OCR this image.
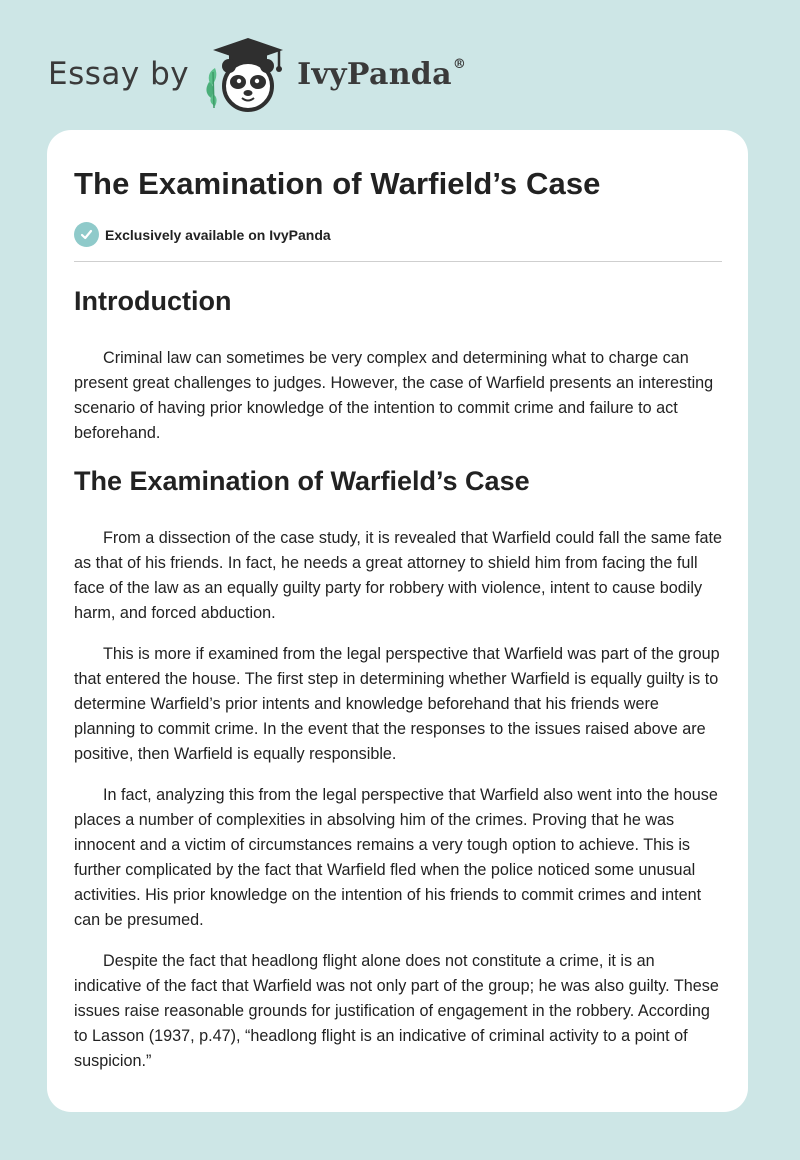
Essay by	IvyPanda®
The Examination of Warfield’s Case
Exclusively available on IvyPanda
Introduction

Criminal law can sometimes be very complex and determining what to charge can present great challenges to judges. However, the case of Warfield presents an interesting scenario of having prior knowledge of the intention to commit crime and failure to act beforehand.

The Examination of Warfield’s Case

From a dissection of the case study, it is revealed that Warfield could fall the same fate as that of his friends. In fact, he needs a great attorney to shield him from facing the full face of the law as an equally guilty party for robbery with violence, intent to cause bodily harm, and forced abduction.

This is more if examined from the legal perspective that Warfield was part of the group that entered the house. The first step in determining whether Warfield is equally guilty is to determine Warfield’s prior intents and knowledge beforehand that his friends were planning to commit crime. In the event that the responses to the issues raised above are positive, then Warfield is equally responsible.

In fact, analyzing this from the legal perspective that Warfield also went into the house places a number of complexities in absolving him of the crimes. Proving that he was innocent and a victim of circumstances remains a very tough option to achieve. This is further complicated by the fact that Warfield fled when the police noticed some unusual activities. His prior knowledge on the intention of his friends to commit crimes and intent can be presumed.

Despite the fact that headlong flight alone does not constitute a crime, it is an indicative of the fact that Warfield was not only part of the group; he was also guilty. These issues raise reasonable grounds for justification of engagement in the robbery. According to Lasson (1937, p.47), “headlong flight is an indicative of criminal activity to a point of suspicion.”
